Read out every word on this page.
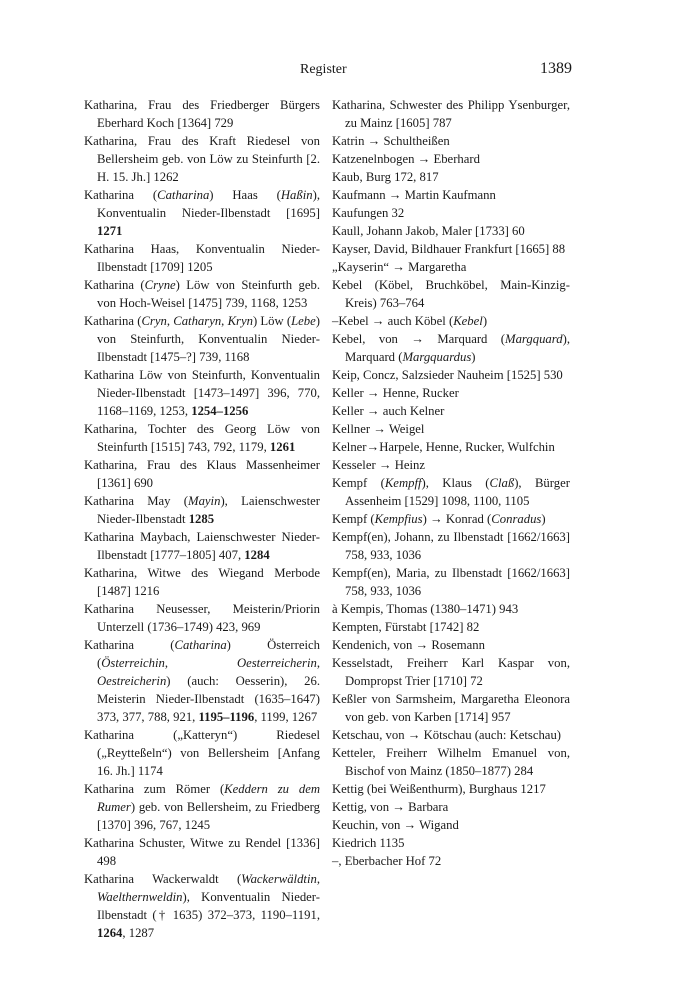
Register	1389

Katharina, Frau des Friedberger Bürgers Eberhard Koch [1364] 729

Katharina, Frau des Kraft Riedesel von Bellersheim geb. von Löw zu Steinfurth [2. H. 15. Jh.] 1262

Katharina (Catharina) Haas (Haßin), Konventualin Nieder-Ilbenstadt [1695] 1271

Katharina Haas, Konventualin Nieder-Ilbenstadt [1709] 1205

Katharina (Cryne) Löw von Steinfurth geb. von Hoch-Weisel [1475] 739, 1168, 1253

Katharina (Cryn, Catharyn, Kryn) Löw (Lebe) von Steinfurth, Konventualin Nieder-Ilbenstadt [1475–?] 739, 1168

Katharina Löw von Steinfurth, Konventualin Nieder-Ilbenstadt [1473–1497] 396, 770, 1168–1169, 1253, 1254–1256

Katharina, Tochter des Georg Löw von Steinfurth [1515] 743, 792, 1179, 1261

Katharina, Frau des Klaus Massenheimer [1361] 690

Katharina May (Mayin), Laienschwester Nieder-Ilbenstadt 1285

Katharina Maybach, Laienschwester Nieder-Ilbenstadt [1777–1805] 407, 1284

Katharina, Witwe des Wiegand Merbode [1487] 1216

Katharina Neusesser, Meisterin/Priorin Unterzell (1736–1749) 423, 969

Katharina (Catharina) Österreich (Österreichin, Oesterreicherin, Oestreicherin) (auch: Oesserin), 26. Meisterin Nieder-Ilbenstadt (1635–1647) 373, 377, 788, 921, 1195–1196, 1199, 1267

Katharina („Katteryn“) Riedesel („Reytteßeln“) von Bellersheim [Anfang 16. Jh.] 1174

Katharina zum Römer (Keddern zu dem Rumer) geb. von Bellersheim, zu Friedberg [1370] 396, 767, 1245

Katharina Schuster, Witwe zu Rendel [1336] 498

Katharina Wackerwaldt (Wackerwäldtin, Waelthernweldin), Konventualin Nieder-Ilbenstadt († 1635) 372–373, 1190–1191, 1264, 1287

Katharina, Schwester des Philipp Ysenburger, zu Mainz [1605] 787

Katrin → Schultheißen

Katzenelnbogen → Eberhard

Kaub, Burg 172, 817

Kaufmann → Martin Kaufmann

Kaufungen 32

Kaull, Johann Jakob, Maler [1733] 60

Kayser, David, Bildhauer Frankfurt [1665] 88

„Kayserin“ → Margaretha

Kebel (Köbel, Bruchköbel, Main-Kinzig-Kreis) 763–764

–Kebel → auch Köbel (Kebel)

Kebel, von → Marquard (Margquard), Marquard (Margquardus)

Keip, Concz, Salzsieder Nauheim [1525] 530

Keller → Henne, Rucker

Keller → auch Kelner

Kellner → Weigel

Kelner→Harpele, Henne, Rucker, Wulfchin

Kesseler → Heinz

Kempf (Kempff), Klaus (Claß), Bürger Assenheim [1529] 1098, 1100, 1105

Kempf (Kempfius) → Konrad (Conradus)

Kempf(en), Johann, zu Ilbenstadt [1662/1663] 758, 933, 1036

Kempf(en), Maria, zu Ilbenstadt [1662/1663] 758, 933, 1036

à Kempis, Thomas (1380–1471) 943

Kempten, Fürstabt [1742] 82

Kendenich, von → Rosemann

Kesselstadt, Freiherr Karl Kaspar von, Dompropst Trier [1710] 72

Keßler von Sarmsheim, Margaretha Eleonora von geb. von Karben [1714] 957

Ketschau, von → Kötschau (auch: Ketschau)

Ketteler, Freiherr Wilhelm Emanuel von, Bischof von Mainz (1850–1877) 284

Kettig (bei Weißenthurm), Burghaus 1217

Kettig, von → Barbara

Keuchin, von → Wigand

Kiedrich 1135

–, Eberbacher Hof 72
